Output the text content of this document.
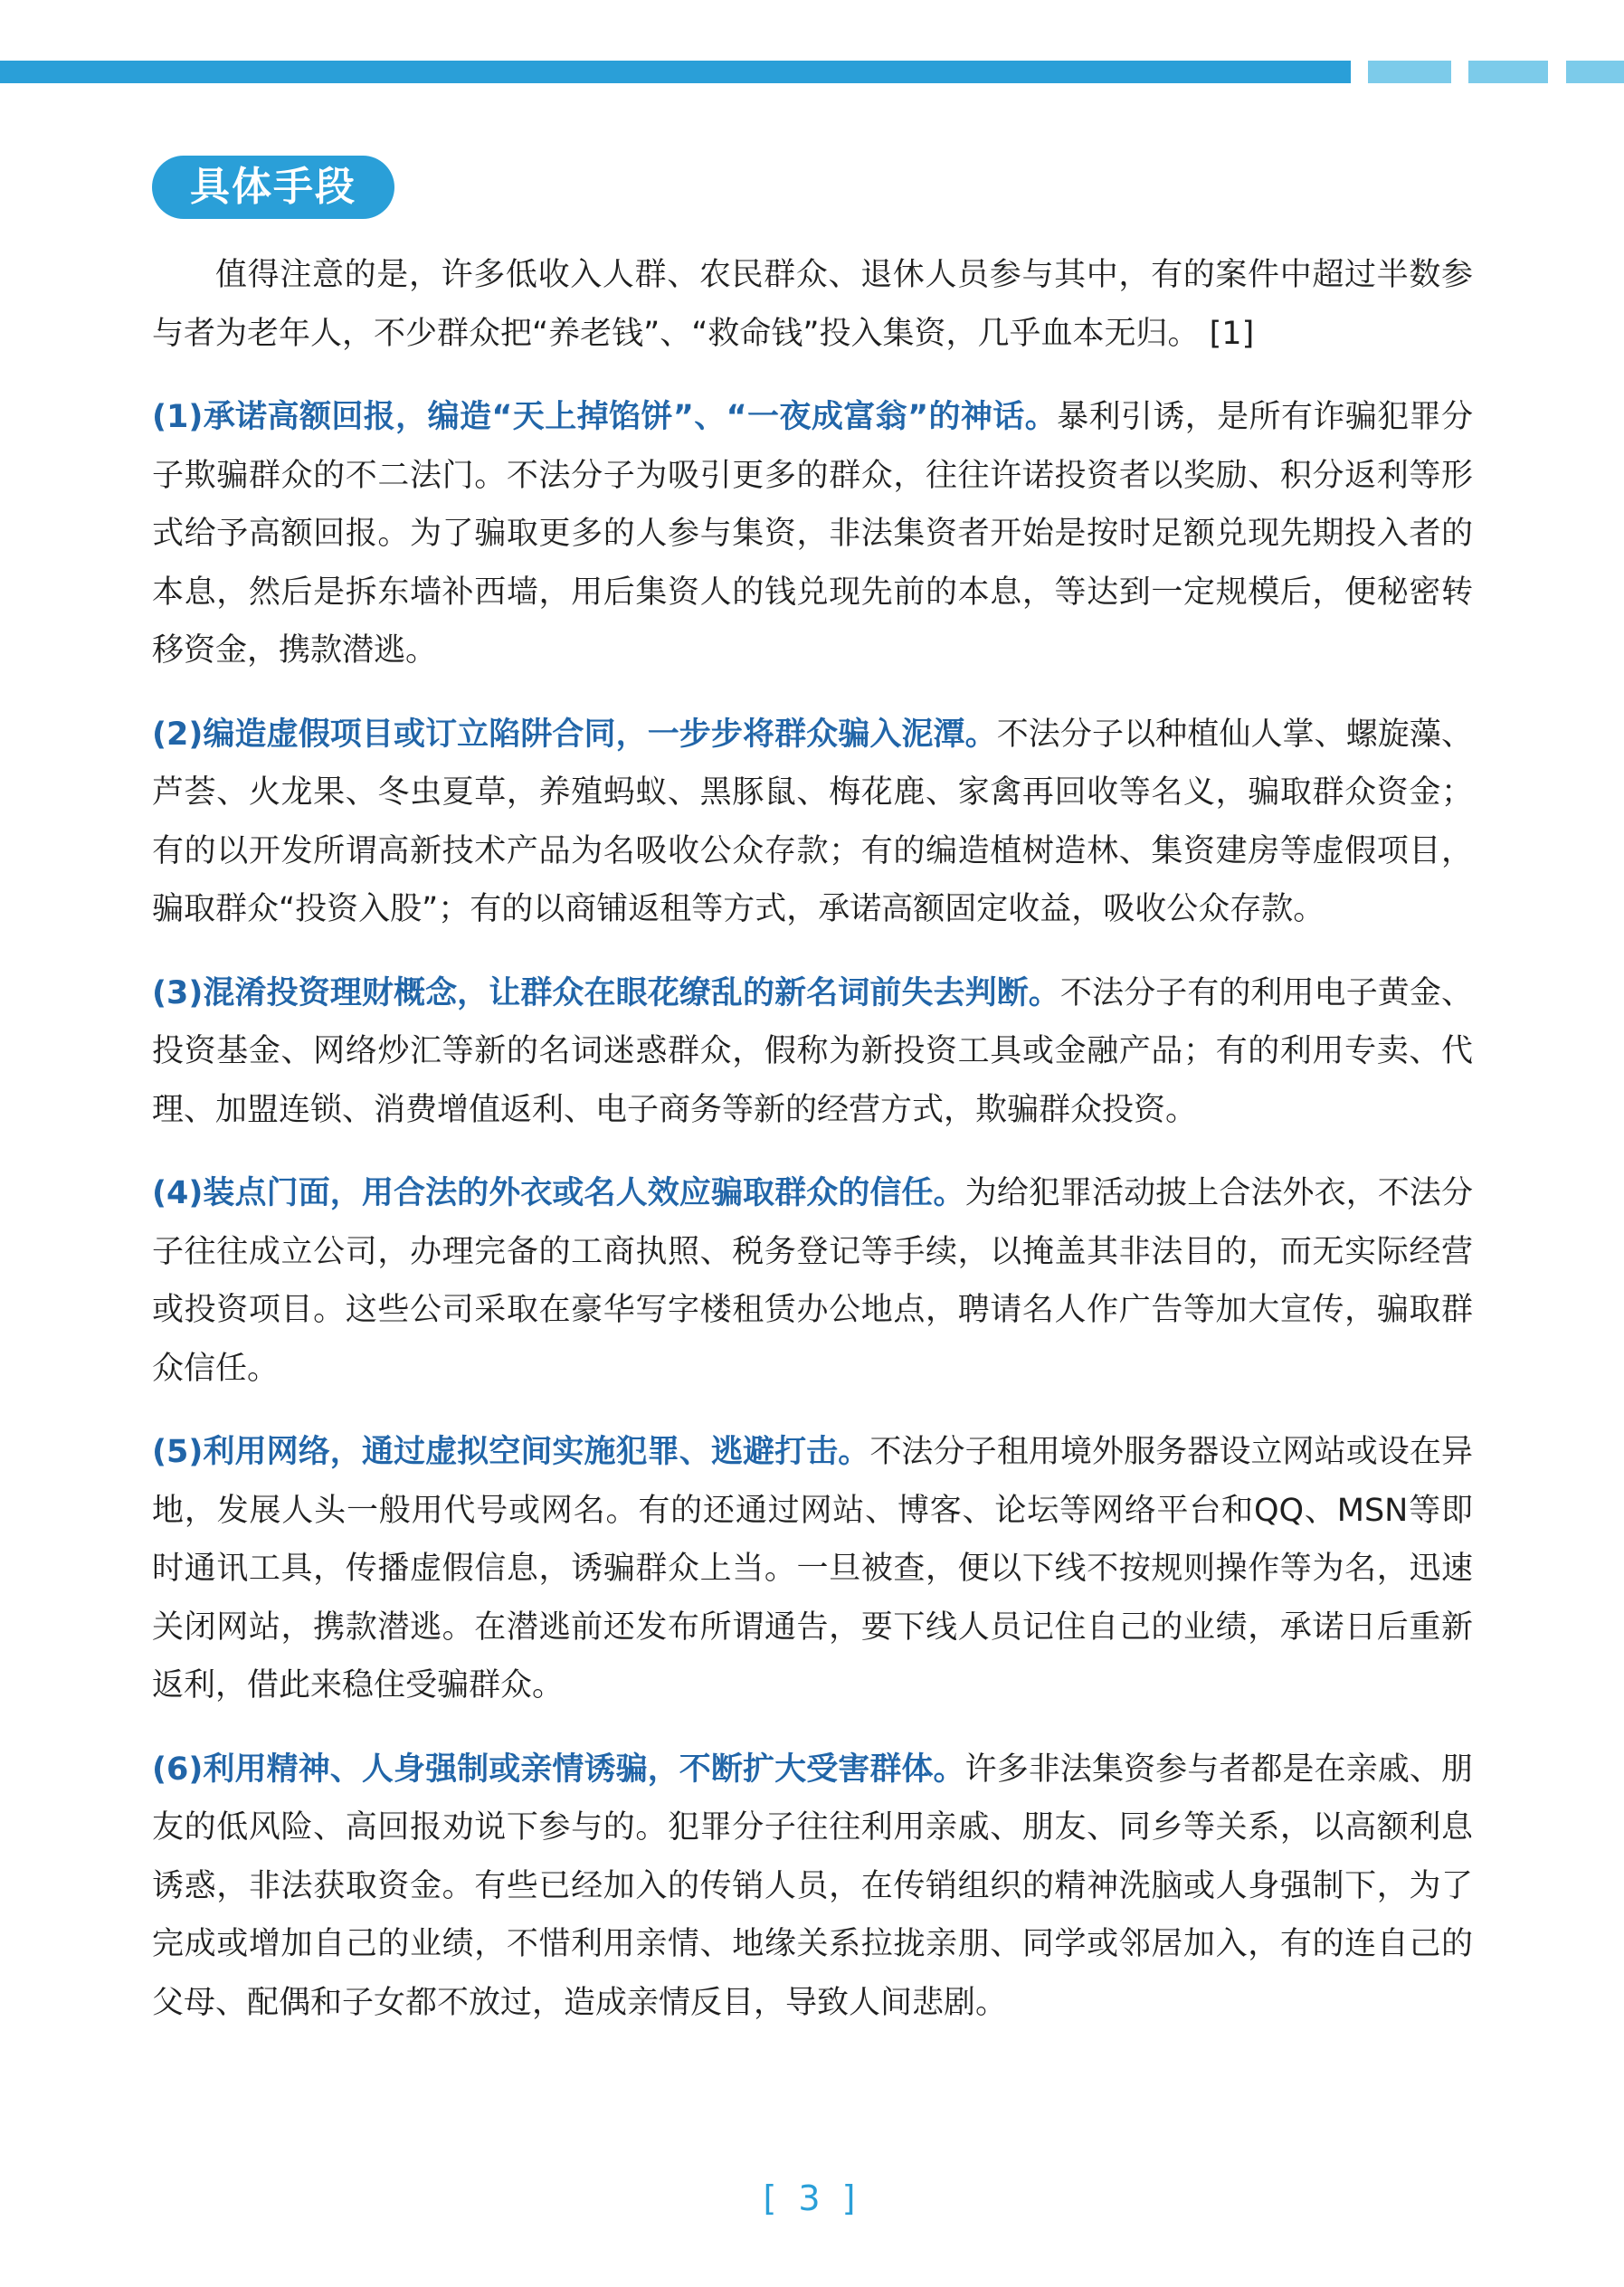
具体手段

值得注意的是，许多低收入人群、农民群众、退休人员参与其中，有的案件中超过半数参与者为老年人，不少群众把“养老钱”、“救命钱”投入集资，几乎血本无归。 [1]

(1)承诺高额回报，编造“天上掉馅饼”、“一夜成富翁”的神话。暴利引诱，是所有诈骗犯罪分子欺骗群众的不二法门。不法分子为吸引更多的群众，往往许诺投资者以奖励、积分返利等形式给予高额回报。为了骗取更多的人参与集资，非法集资者开始是按时足额兑现先期投入者的本息，然后是拆东墙补西墙，用后集资人的钱兑现先前的本息，等达到一定规模后，便秘密转移资金，携款潜逃。

(2)编造虚假项目或订立陷阱合同，一步步将群众骗入泥潭。不法分子以种植仙人掌、螺旋藻、芦荟、火龙果、冬虫夏草，养殖蚂蚁、黑豚鼠、梅花鹿、家禽再回收等名义，骗取群众资金；有的以开发所谓高新技术产品为名吸收公众存款；有的编造植树造林、集资建房等虚假项目，骗取群众“投资入股”；有的以商铺返租等方式，承诺高额固定收益，吸收公众存款。

(3)混淆投资理财概念，让群众在眼花缭乱的新名词前失去判断。不法分子有的利用电子黄金、投资基金、网络炒汇等新的名词迷惑群众，假称为新投资工具或金融产品；有的利用专卖、代理、加盟连锁、消费增值返利、电子商务等新的经营方式，欺骗群众投资。

(4)装点门面，用合法的外衣或名人效应骗取群众的信任。为给犯罪活动披上合法外衣，不法分子往往成立公司，办理完备的工商执照、税务登记等手续，以掩盖其非法目的，而无实际经营或投资项目。这些公司采取在豪华写字楼租赁办公地点，聘请名人作广告等加大宣传，骗取群众信任。

(5)利用网络，通过虚拟空间实施犯罪、逃避打击。不法分子租用境外服务器设立网站或设在异地，发展人头一般用代号或网名。有的还通过网站、博客、论坛等网络平台和QQ、MSN等即时通讯工具，传播虚假信息，诱骗群众上当。一旦被查，便以下线不按规则操作等为名，迅速关闭网站，携款潜逃。在潜逃前还发布所谓通告，要下线人员记住自己的业绩，承诺日后重新返利，借此来稳住受骗群众。

(6)利用精神、人身强制或亲情诱骗，不断扩大受害群体。许多非法集资参与者都是在亲戚、朋友的低风险、高回报劝说下参与的。犯罪分子往往利用亲戚、朋友、同乡等关系，以高额利息诱惑，非法获取资金。有些已经加入的传销人员，在传销组织的精神洗脑或人身强制下，为了完成或增加自己的业绩，不惜利用亲情、地缘关系拉拢亲朋、同学或邻居加入，有的连自己的父母、配偶和子女都不放过，造成亲情反目，导致人间悲剧。

[ 3 ]
